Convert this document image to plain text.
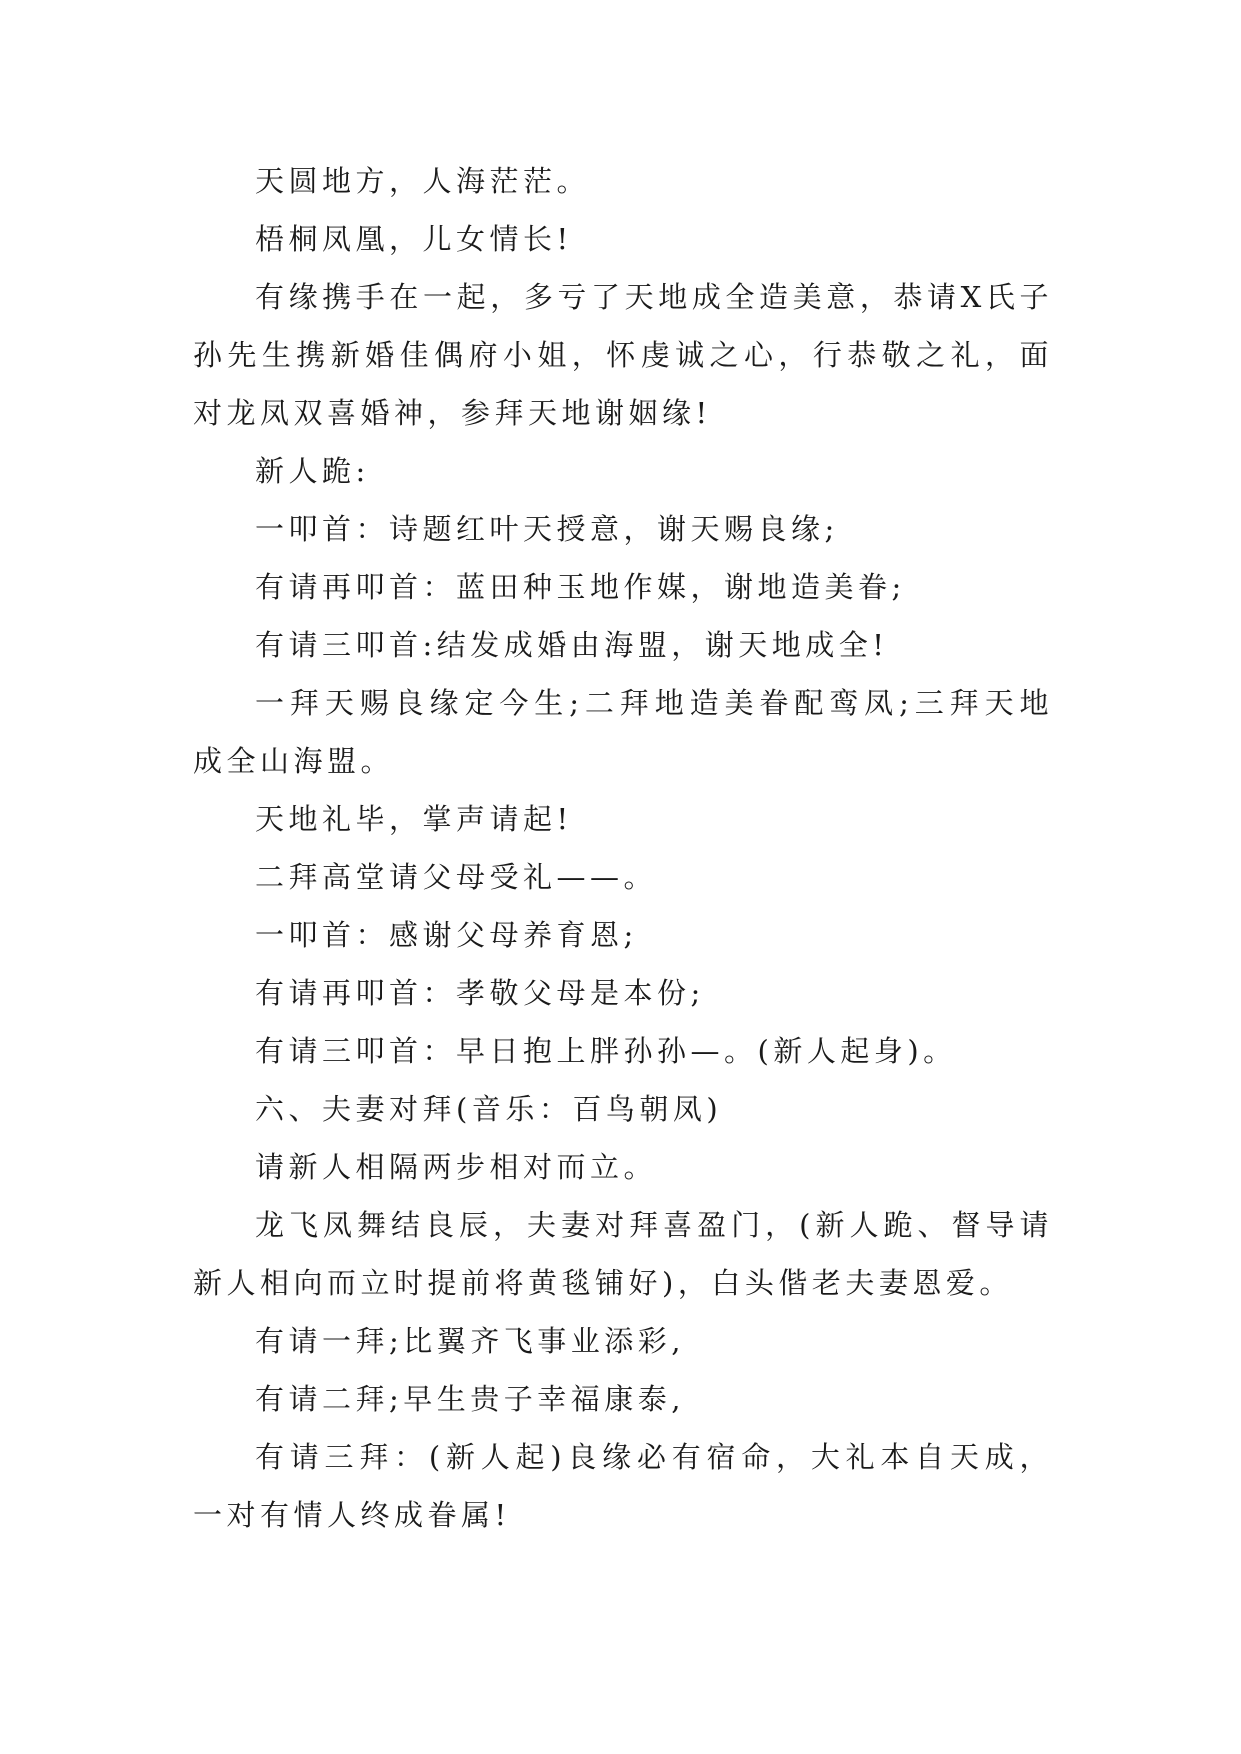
天圆地方，人海茫茫。

梧桐凤凰，儿女情长!

有缘携手在一起，多亏了天地成全造美意，恭请X氏子孙先生携新婚佳偶府小姐，怀虔诚之心，行恭敬之礼，面对龙凤双喜婚神，参拜天地谢姻缘!

新人跪:

一叩首：诗题红叶天授意，谢天赐良缘;

有请再叩首：蓝田种玉地作媒，谢地造美眷;

有请三叩首:结发成婚由海盟，谢天地成全!

一拜天赐良缘定今生;二拜地造美眷配鸾凤;三拜天地成全山海盟。

天地礼毕，掌声请起!

二拜高堂请父母受礼——。

一叩首：感谢父母养育恩;

有请再叩首：孝敬父母是本份;

有请三叩首：早日抱上胖孙孙—。(新人起身)。

六、夫妻对拜(音乐：百鸟朝凤)

请新人相隔两步相对而立。

龙飞凤舞结良辰，夫妻对拜喜盈门，(新人跪、督导请新人相向而立时提前将黄毯铺好)，白头偕老夫妻恩爱。

有请一拜;比翼齐飞事业添彩,

有请二拜;早生贵子幸福康泰,

有请三拜：(新人起)良缘必有宿命，大礼本自天成，一对有情人终成眷属!
